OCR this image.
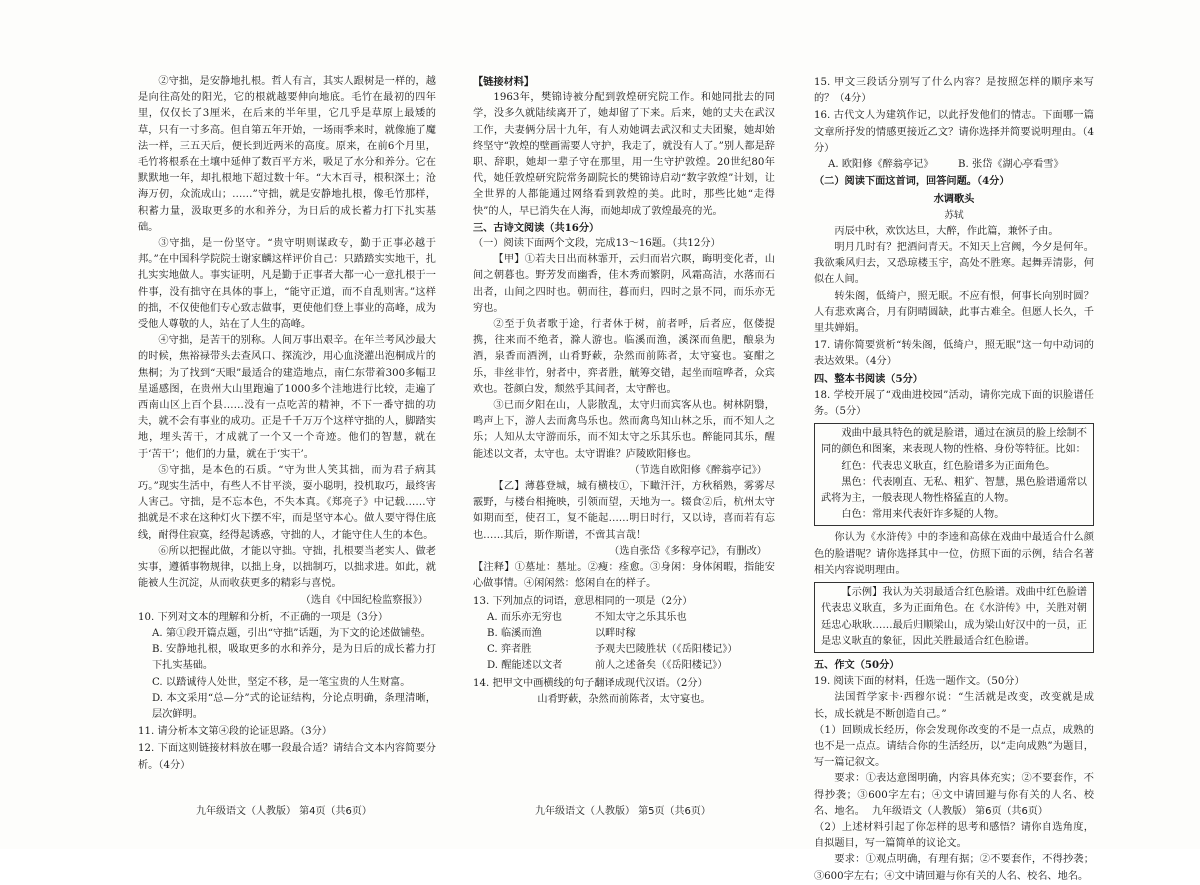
②守拙，是安静地扎根。哲人有言，其实人跟树是一样的，越是向往高处的阳光，它的根就越要伸向地底。毛竹在最初的四年里，仅仅长了3厘米，在后来的半年里，它几乎是草原上最矮的草，只有一寸多高。但自第五年开始，一场雨季来时，就像施了魔法一样，三五天后，便长到近两米的高度。原来，在前6个月里，毛竹将根系在土壤中延伸了数百平方米，吸足了水分和养分。它在默默地一年，却扎根地下超过数十年。“大木百寻，根积深土；沧海万仞，众流成山；……”守拙，就是安静地扎根，像毛竹那样，积蓄力量，汲取更多的水和养分，为日后的成长蓄力打下扎实基础。

③守拙，是一份坚守。“贵守明则谋政专，勤于正事必越于邦。”在中国科学院院士谢家麟这样评价自己：只踏踏实实地干，扎扎实实地做人。事实证明，凡是勤于正事者大都一心一意扎根于一件事，没有拙守在具体的事上，“能守正道，而不自乱则害。”这样的拙，不仅使他们专心致志做事，更使他们登上事业的高峰，成为受他人尊敬的人，站在了人生的高峰。

④守拙，是苦干的别称。人间万事出艰辛。在年兰考风沙最大的时候，焦裕禄带头去查风口、探流沙，用心血浇灌出泡桐成片的焦桐；为了找到“天眼”最适合的建造地点，南仁东带着300多幅卫星遥感图，在贵州大山里跑遍了1000多个洼地进行比较，走遍了西南山区上百个县……没有一点吃苦的精神，不下一番守拙的功夫，就不会有事业的成功。正是千千万万个这样守拙的人，脚踏实地，埋头苦干，才成就了一个又一个奇迹。他们的智慧，就在于‘苦干’；他们的力量，就在于‘实干’。

⑤守拙，是本色的石质。“守为世人笑其拙，而为君子病其巧。”现实生活中，有些人不甘平淡，耍小聪明，投机取巧，最终害人害己。守拙，是不忘本色，不失本真。《郑亮子》中记载……守拙就是不求在这种灯火下摆不牢，而是坚守本心。做人要守得住底线，耐得住寂寞，经得起诱惑，守拙的人，才能守住人生的本色。

⑥所以把握此做，才能以守拙。守拙，扎根要当老实人、做老实事，遵循事物规律，以拙上身，以拙制巧，以拙求进。如此，就能被人生沉淀，从而收获更多的精彩与喜悦。

（选自《中国纪检监察报》）

10. 下列对文本的理解和分析，不正确的一项是（3分）

A. 第①段开篇点题，引出“守拙”话题，为下文的论述做铺垫。

B. 安静地扎根，吸取更多的水和养分，是为日后的成长蓄力打下扎实基础。

C. 以踏诚待人处世，坚定不移，是一笔宝贵的人生财富。

D. 本文采用“总—分”式的论证结构，分论点明确，条理清晰，层次鲜明。

11. 请分析本文第④段的论证思路。（3分）

12. 下面这则链接材料放在哪一段最合适？请结合文本内容简要分析。（4分）

【链接材料】

1963年，樊锦诗被分配到敦煌研究院工作。和她同批去的同学，没多久就陆续离开了，她却留了下来。后来，她的丈夫在武汉工作，夫妻俩分居十九年，有人劝她调去武汉和丈夫团聚，她却始终坚守“敦煌的壁画需要人守护，我走了，就没有人了。”别人都是辞职、辞职，她却一辈子守在那里，用一生守护敦煌。20世纪80年代，她任敦煌研究院常务副院长的樊锦诗启动“数字敦煌”计划，让全世界的人都能通过网络看到敦煌的美。此时，那些比她“走得快”的人，早已消失在人海，而她却成了敦煌最亮的光。

三、古诗文阅读（共16分）

（一）阅读下面两个文段，完成13～16题。（共12分）

【甲】①若夫日出而林霏开，云归而岩穴暝，晦明变化者，山间之朝暮也。野芳发而幽香，佳木秀而繁阴，风霜高洁，水落而石出者，山间之四时也。朝而往，暮而归，四时之景不同，而乐亦无穷也。

②至于负者歌于途，行者休于树，前者呼，后者应，伛偻提携，往来而不绝者，滁人游也。临溪而渔，溪深而鱼肥，酿泉为酒，泉香而酒洌，山肴野蔌，杂然而前陈者，太守宴也。宴酣之乐，非丝非竹，射者中，弈者胜，觥筹交错，起坐而喧哗者，众宾欢也。苍颜白发，颓然乎其间者，太守醉也。

③已而夕阳在山，人影散乱，太守归而宾客从也。树林阴翳，鸣声上下，游人去而禽鸟乐也。然而禽鸟知山林之乐，而不知人之乐；人知从太守游而乐，而不知太守之乐其乐也。醉能同其乐，醒能述以文者，太守也。太守谓谁？庐陵欧阳修也。

（节选自欧阳修《醉翁亭记》）

【乙】薄暮登城，城有横枝①，下瞰汗汗，方秋稻熟，雾雾尽霰野，与楼台相掩映，引领而望，天地为一。辍食②后，杭州太守如期而至，使召工，复不能起……明日时行，又以诗，喜而若有忘也……其后，斯作斯谱，不啻其言哉！

（选自张岱《多稼亭记》，有删改）

【注释】①墓址：墓址。②瘦：痊愈。③身闲：身体闲暇，指能安心做事情。④闲闲然：悠闲自在的样子。

13. 下列加点的词语，意思相同的一项是（2分）

A. 而乐亦无穷也	不知太守之乐其乐也
B. 临溪而渔	以畔时稼
C. 弈者胜	予观夫巴陵胜状（《岳阳楼记》）
D. 醒能述以文者	前人之述备矣（《岳阳楼记》）

14. 把甲文中画横线的句子翻译成现代汉语。（2分）

山肴野蔌，杂然而前陈者，太守宴也。

15. 甲文三段话分别写了什么内容？是按照怎样的顺序来写的？（4分）

16. 古代文人为建筑作记，以此抒发他们的情志。下面哪一篇文章所抒发的情感更接近乙文？请你选择并简要说明理由。（4分）

A. 欧阳修《醉翁亭记》	B. 张岱《湖心亭看雪》

（二）阅读下面这首词，回答问题。（4分）

水调歌头

苏轼

丙辰中秋，欢饮达旦，大醉，作此篇，兼怀子由。

明月几时有？把酒问青天。不知天上宫阙，今夕是何年。我欲乘风归去，又恐琼楼玉宇，高处不胜寒。起舞弄清影，何似在人间。

转朱阁，低绮户，照无眠。不应有恨，何事长向别时圆？人有悲欢离合，月有阴晴圆缺，此事古难全。但愿人长久，千里共婵娟。

17. 请你简要赏析“转朱阁，低绮户，照无眠”这一句中动词的表达效果。（4分）

四、整本书阅读（5分）

18. 学校开展了“戏曲进校园”活动，请你完成下面的识脸谱任务。（5分）

戏曲中最具特色的就是脸谱，通过在演员的脸上绘制不同的颜色和图案，来表现人物的性格、身份等特征。比如：

红色：代表忠义耿直，红色脸谱多为正面角色。

黑色：代表刚直、无私、粗犷、智慧，黑色脸谱通常以武将为主，一般表现人物性格猛直的人物。

白色：常用来代表奸诈多疑的人物。

你认为《水浒传》中的李逵和高俅在戏曲中最适合什么颜色的脸谱呢？请你选择其中一位，仿照下面的示例，结合名著相关内容说明理由。

【示例】我认为关羽最适合红色脸谱。戏曲中红色脸谱代表忠义耿直，多为正面角色。在《水浒传》中，关胜对朝廷忠心耿耿……最后归顺梁山，成为梁山好汉中的一员，正是忠义耿直的象征，因此关胜最适合红色脸谱。

五、作文（50分）

19. 阅读下面的材料，任选一题作文。（50分）

法国哲学家卡·西穆尔说：“生活就是改变，改变就是成长，成长就是不断创造自己。”

（1）回顾成长经历，你会发现你改变的不是一点点，成熟的也不是一点点。请结合你的生活经历，以“走向成熟”为题目，写一篇记叙文。

要求：①表达意图明确，内容具体充实；②不要套作，不得抄袭；③600字左右；④文中请回避与你有关的人名、校名、地名。

（2）上述材料引起了你怎样的思考和感悟？请你自选角度，自拟题目，写一篇简单的议论文。

要求：①观点明确，有理有据；②不要套作，不得抄袭；③600字左右；④文中请回避与你有关的人名、校名、地名。

九年级语文（人教版） 第4页（共6页）	九年级语文（人教版） 第5页（共6页）	九年级语文（人教版） 第6页（共6页）
